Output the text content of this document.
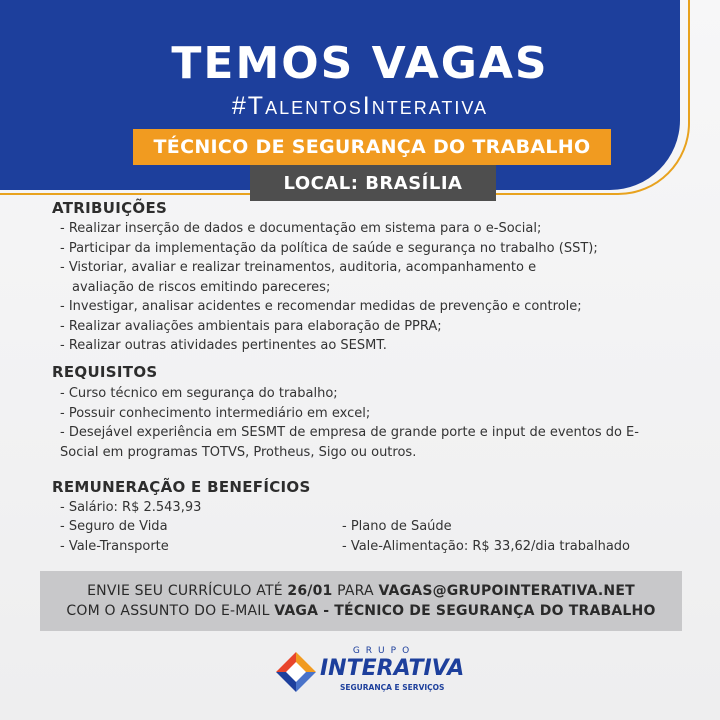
TEMOS VAGAS
#TalentosInterativa
TÉCNICO DE SEGURANÇA DO TRABALHO
LOCAL: BRASÍLIA
ATRIBUIÇÕES
- Realizar inserção de dados e documentação em sistema para o e-Social;
- Participar da implementação da política de saúde e segurança no trabalho (SST);
- Vistoriar, avaliar e realizar treinamentos, auditoria, acompanhamento e avaliação de riscos emitindo pareceres;
- Investigar, analisar acidentes e recomendar medidas de prevenção e controle;
- Realizar avaliações ambientais para elaboração de PPRA;
- Realizar outras atividades pertinentes ao SESMT.
REQUISITOS
- Curso técnico em segurança do trabalho;
- Possuir conhecimento intermediário em excel;
- Desejável experiência em SESMT de empresa de grande porte e input de eventos do E-Social em programas TOTVS, Protheus, Sigo ou outros.
REMUNERAÇÃO E BENEFÍCIOS
- Salário: R$ 2.543,93
- Seguro de Vida	- Plano de Saúde
- Vale-Transporte	- Vale-Alimentação: R$ 33,62/dia trabalhado
ENVIE SEU CURRÍCULO ATÉ 26/01 PARA VAGAS@GRUPOINTERATIVA.NET
COM O ASSUNTO DO E-MAIL VAGA - TÉCNICO DE SEGURANÇA DO TRABALHO
GRUPO
INTERATIVA
SEGURANÇA E SERVIÇOS
